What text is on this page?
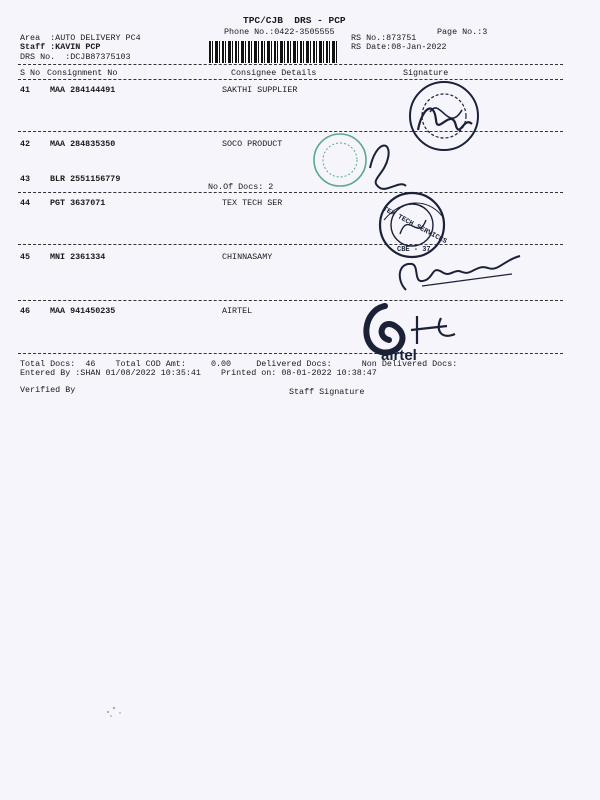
TPC/CJB  DRS - PCP
Phone No.:0422-3505555	Page No.:3
Area  :AUTO DELIVERY PC4
Staff :KAVIN PCP
DRS No.  :DCJB87375103
RS No.:873751
RS Date:08-Jan-2022
S No Consignment No	Consignee Details	Signature
41 MAA 284144491	SAKTHI SUPPLIER
42 MAA 284835350	SOCO PRODUCT
43 BLR 2551156779
No.Of Docs: 2
44 PGT 3637071	TEX TECH SER
45 MNI 2361334	CHINNASAMY
46 MAA 941450235	AIRTEL
Total Docs:  46    Total COD Amt:     0.00     Delivered Docs:      Non Delivered Docs:
Entered By :SHAN 01/08/2022 10:35:41    Printed on: 08-01-2022 10:38:47
Verified By	Staff Signature
TEX TECH SERVICES
CBE - 37
airtel
